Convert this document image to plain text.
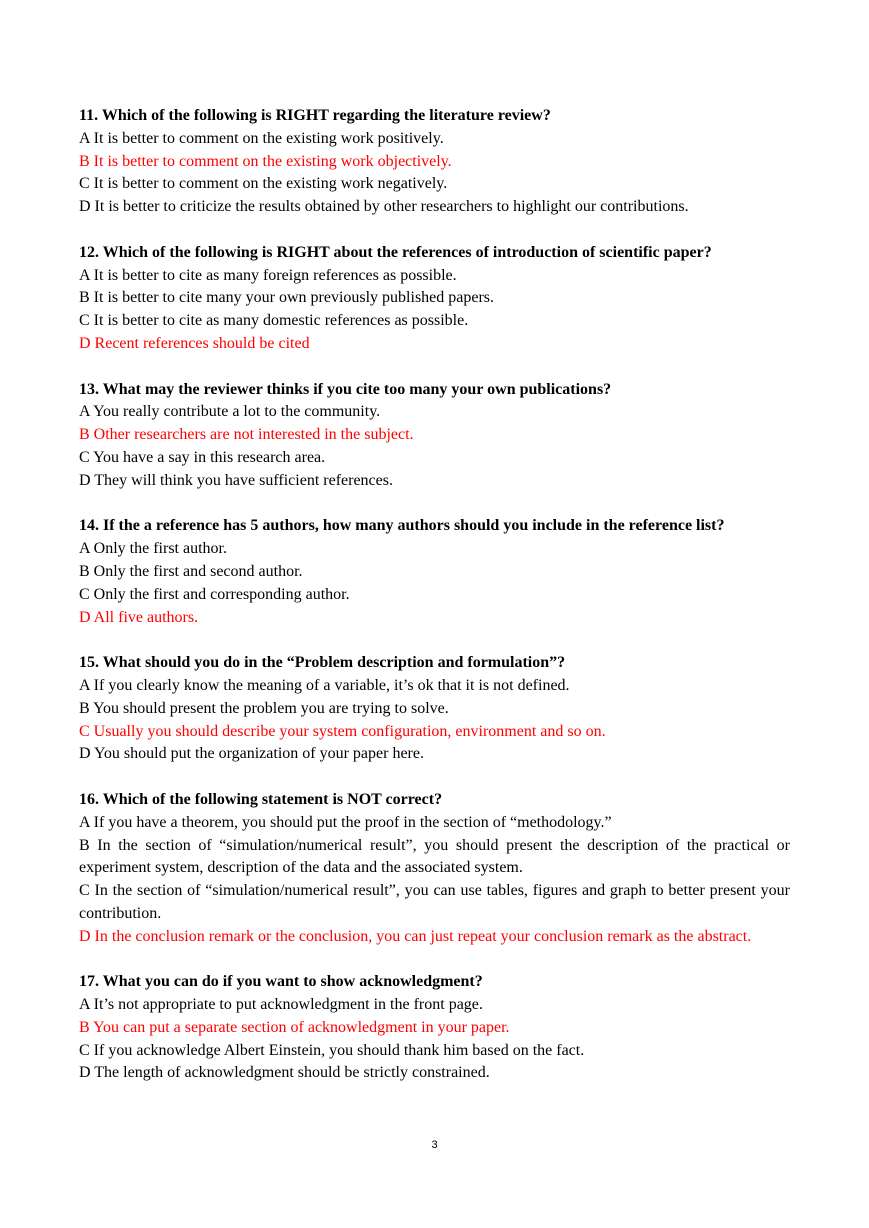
11. Which of the following is RIGHT regarding the literature review?
A It is better to comment on the existing work positively.
B It is better to comment on the existing work objectively.
C It is better to comment on the existing work negatively.
D It is better to criticize the results obtained by other researchers to highlight our contributions.
12. Which of the following is RIGHT about the references of introduction of scientific paper?
A It is better to cite as many foreign references as possible.
B It is better to cite many your own previously published papers.
C It is better to cite as many domestic references as possible.
D Recent references should be cited
13. What may the reviewer thinks if you cite too many your own publications?
A You really contribute a lot to the community.
B Other researchers are not interested in the subject.
C You have a say in this research area.
D They will think you have sufficient references.
14. If the a reference has 5 authors, how many authors should you include in the reference list?
A Only the first author.
B Only the first and second author.
C Only the first and corresponding author.
D All five authors.
15. What should you do in the “Problem description and formulation”?
A If you clearly know the meaning of a variable, it’s ok that it is not defined.
B You should present the problem you are trying to solve.
C Usually you should describe your system configuration, environment and so on.
D You should put the organization of your paper here.
16. Which of the following statement is NOT correct?
A If you have a theorem, you should put the proof in the section of “methodology.”
B In the section of “simulation/numerical result”, you should present the description of the practical or experiment system, description of the data and the associated system.
C In the section of “simulation/numerical result”, you can use tables, figures and graph to better present your contribution.
D In the conclusion remark or the conclusion, you can just repeat your conclusion remark as the abstract.
17. What you can do if you want to show acknowledgment?
A It’s not appropriate to put acknowledgment in the front page.
B You can put a separate section of acknowledgment in your paper.
C If you acknowledge Albert Einstein, you should thank him based on the fact.
D The length of acknowledgment should be strictly constrained.
3
